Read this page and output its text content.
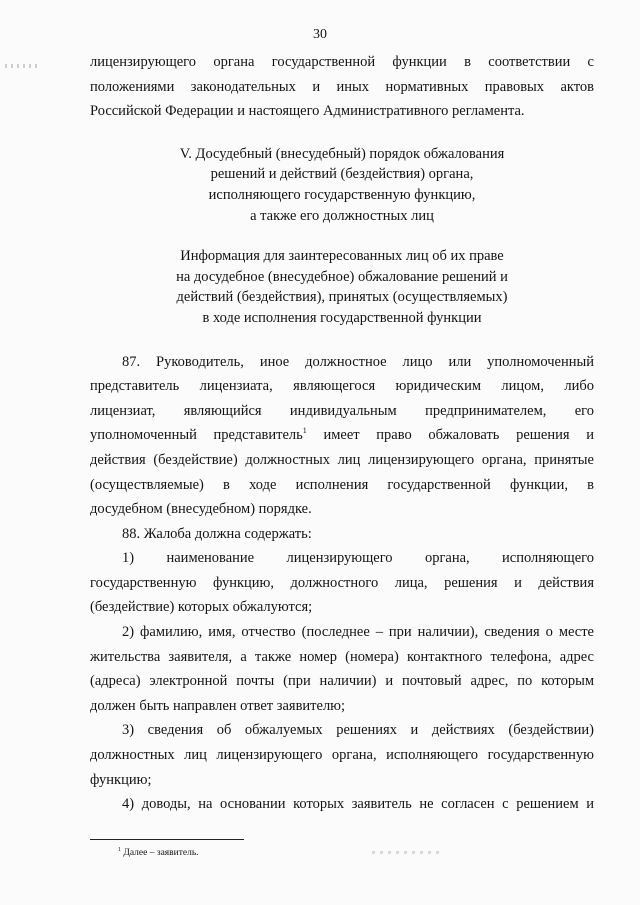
30

лицензирующего органа государственной функции в соответствии с

положениями законодательных и иных нормативных правовых актов

Российской Федерации и настоящего Административного регламента.

V. Досудебный (внесудебный) порядок обжалования

решений и действий (бездействия) органа,

исполняющего государственную функцию,

а также его должностных лиц

Информация для заинтересованных лиц об их праве

на досудебное (внесудебное) обжалование решений и

действий (бездействия), принятых (осуществляемых)

в ходе исполнения государственной функции

87. Руководитель, иное должностное лицо или уполномоченный

представитель лицензиата, являющегося юридическим лицом, либо

лицензиат, являющийся индивидуальным предпринимателем, его

уполномоченный представитель$^1$ имеет право обжаловать решения и

действия (бездействие) должностных лиц лицензирующего органа, принятые

(осуществляемые) в ходе исполнения государственной функции, в

досудебном (внесудебном) порядке.

88. Жалоба должна содержать:

1) наименование лицензирующего органа, исполняющего

государственную функцию, должностного лица, решения и действия

(бездействие) которых обжалуются;

2) фамилию, имя, отчество (последнее – при наличии), сведения о месте

жительства заявителя, а также номер (номера) контактного телефона, адрес

(адреса) электронной почты (при наличии) и почтовый адрес, по которым

должен быть направлен ответ заявителю;

3) сведения об обжалуемых решениях и действиях (бездействии)

должностных лиц лицензирующего органа, исполняющего государственную

функцию;

4) доводы, на основании которых заявитель не согласен с решением и

$^1$ Далее – заявитель.
